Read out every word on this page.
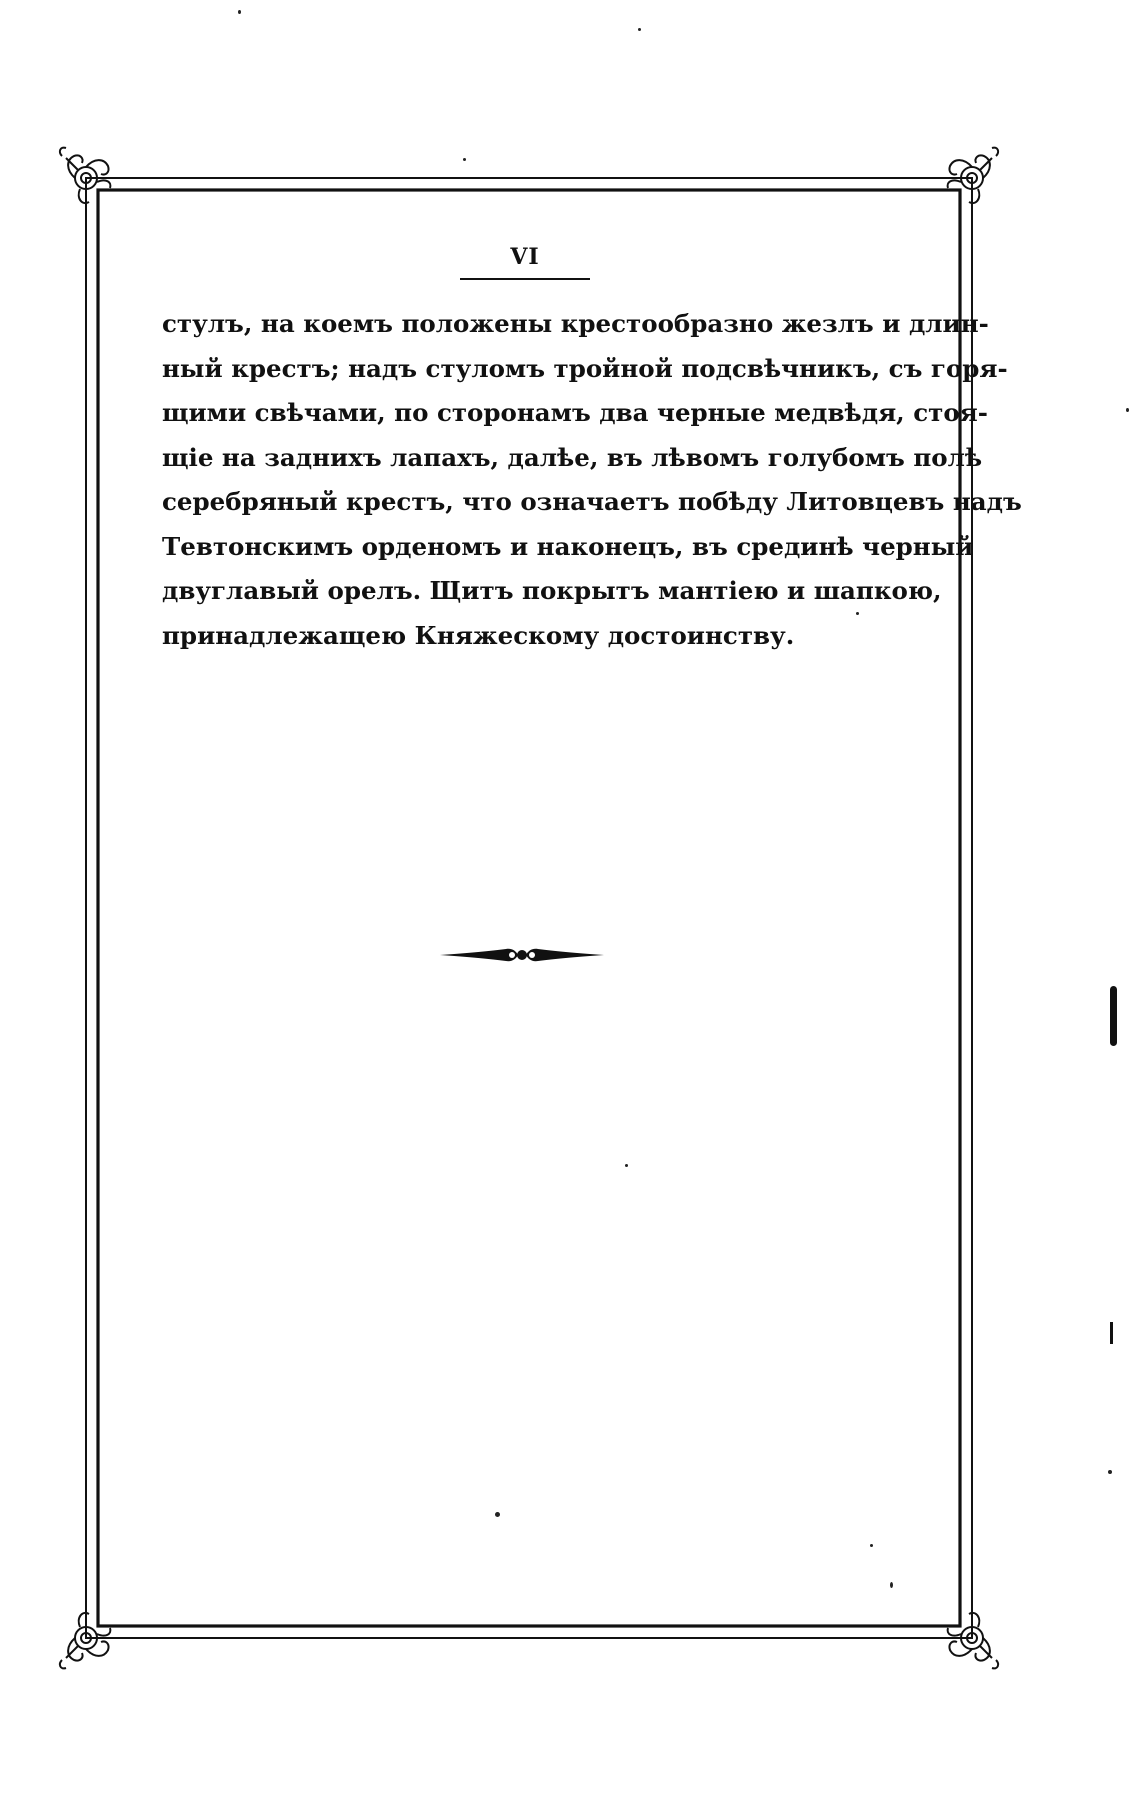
VI
стулъ, на коемъ положены крестообразно жезлъ и длин-
ный крестъ; надъ стуломъ тройной подсвѣчникъ, съ горя-
щими свѣчами, по сторонамъ два черные медвѣдя, стоя-
щіе на заднихъ лапахъ, далѣе, въ лѣвомъ голубомъ полѣ
серебряный крестъ, что означаетъ побѣду Литовцевъ надъ
Тевтонскимъ орденомъ и наконецъ, въ срединѣ черный
двуглавый орелъ. Щитъ покрытъ мантіею и шапкою,
принадлежащею Княжескому достоинству.
